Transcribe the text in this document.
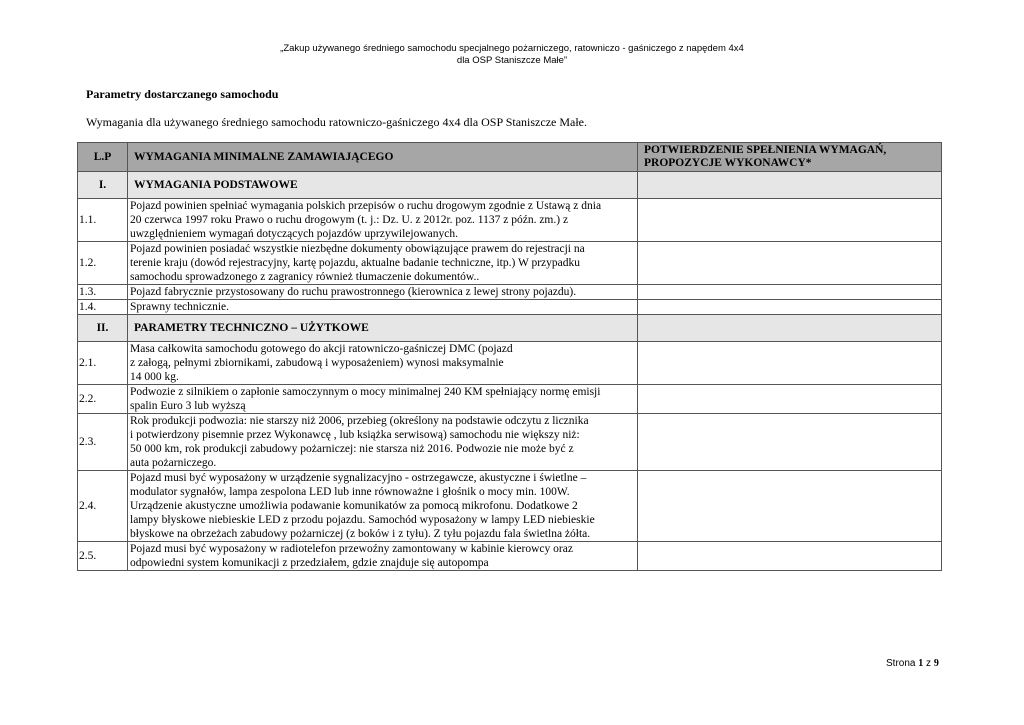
„Zakup używanego średniego samochodu specjalnego pożarniczego, ratowniczo - gaśniczego z napędem 4x4
dla OSP Staniszcze Małe”
Parametry dostarczanego samochodu
Wymagania dla używanego średniego samochodu ratowniczo-gaśniczego 4x4 dla OSP Staniszcze Małe.
L.P	WYMAGANIA MINIMALNE ZAMAWIAJĄCEGO	POTWIERDZENIE SPEŁNIENIA WYMAGAŃ,
PROPOZYCJE WYKONAWCY*

I.	WYMAGANIA PODSTAWOWE	
1.1.	Pojazd powinien spełniać wymagania polskich przepisów o ruchu drogowym zgodnie z Ustawą z dnia
20 czerwca 1997 roku Prawo o ruchu drogowym (t. j.: Dz. U. z 2012r. poz. 1137 z późn. zm.) z
uwzględnieniem wymagań dotyczących pojazdów uprzywilejowanych.	

1.2.	Pojazd powinien posiadać wszystkie niezbędne dokumenty obowiązujące prawem do rejestracji na
terenie kraju (dowód rejestracyjny, kartę pojazdu, aktualne badanie techniczne, itp.) W przypadku
samochodu sprowadzonego z zagranicy również tłumaczenie dokumentów..	

1.3.	Pojazd fabrycznie przystosowany do ruchu prawostronnego (kierownica z lewej strony pojazdu).	

1.4.	Sprawny technicznie.	

II.	PARAMETRY TECHNICZNO – UŻYTKOWE	
2.1.	Masa całkowita samochodu gotowego do akcji ratowniczo-gaśniczej DMC (pojazd
z załogą, pełnymi zbiornikami, zabudową i wyposażeniem) wynosi maksymalnie
14 000 kg.	

2.2.	Podwozie z silnikiem o zapłonie samoczynnym o mocy minimalnej 240 KM spełniający normę emisji
spalin Euro 3 lub wyższą	

2.3.	Rok produkcji podwozia: nie starszy niż 2006, przebieg (określony na podstawie odczytu z licznika
i potwierdzony pisemnie przez Wykonawcę , lub książka serwisową) samochodu nie większy niż:
50 000 km, rok produkcji zabudowy pożarniczej: nie starsza niż 2016. Podwozie nie może być z
auta pożarniczego.	

2.4.	Pojazd musi być wyposażony w urządzenie sygnalizacyjno - ostrzegawcze, akustyczne i świetlne –
modulator sygnałów, lampa zespolona LED lub inne równoważne i głośnik o mocy min. 100W.
Urządzenie akustyczne umożliwia podawanie komunikatów za pomocą mikrofonu. Dodatkowe 2
lampy błyskowe niebieskie LED z przodu pojazdu. Samochód wyposażony w lampy LED niebieskie
błyskowe na obrzeżach zabudowy pożarniczej (z boków i z tyłu). Z tyłu pojazdu fala świetlna żółta.	

2.5.	Pojazd musi być wyposażony w radiotelefon przewoźny zamontowany w kabinie kierowcy oraz
odpowiedni system komunikacji z przedziałem, gdzie znajduje się autopompa	

Strona 1 z 9
